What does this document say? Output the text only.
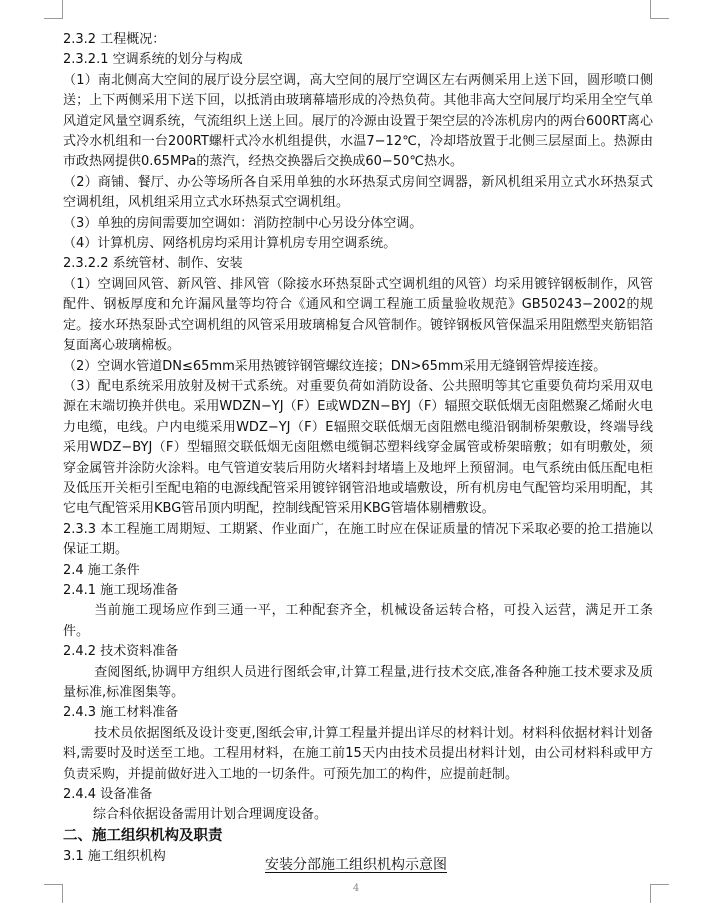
2.3.2 工程概况：

2.3.2.1 空调系统的划分与构成

（1）南北侧高大空间的展厅设分层空调，高大空间的展厅空调区左右两侧采用上送下回，圆形喷口侧送；上下两侧采用下送下回，以抵消由玻璃幕墙形成的冷热负荷。其他非高大空间展厅均采用全空气单风道定风量空调系统，气流组织上送上回。展厅的冷源由设置于架空层的冷冻机房内的两台600RT离心式冷水机组和一台200RT螺杆式冷水机组提供，水温7−12℃，冷却塔放置于北侧三层屋面上。热源由市政热网提供0.65MPa的蒸汽，经热交换器后交换成60−50℃热水。

（2）商铺、餐厅、办公等场所各自采用单独的水环热泵式房间空调器，新风机组采用立式水环热泵式空调机组，风机组采用立式水环热泵式空调机组。

（3）单独的房间需要加空调如：消防控制中心另设分体空调。

（4）计算机房、网络机房均采用计算机房专用空调系统。

2.3.2.2 系统管材、制作、安装

（1）空调回风管、新风管、排风管（除接水环热泵卧式空调机组的风管）均采用镀锌钢板制作，风管配件、钢板厚度和允许漏风量等均符合《通风和空调工程施工质量验收规范》GB50243−2002的规定。接水环热泵卧式空调机组的风管采用玻璃棉复合风管制作。镀锌钢板风管保温采用阻燃型夹筋铝箔复面离心玻璃棉板。

（2）空调水管道DN≤65mm采用热镀锌钢管螺纹连接；DN>65mm采用无缝钢管焊接连接。

（3）配电系统采用放射及树干式系统。对重要负荷如消防设备、公共照明等其它重要负荷均采用双电源在末端切换并供电。采用WDZN−YJ（F）E或WDZN−BYJ（F）辐照交联低烟无卤阻燃聚乙烯耐火电力电缆，电线。户内电缆采用WDZ−YJ（F）E辐照交联低烟无卤阻燃电缆沿钢制桥架敷设，终端导线采用WDZ−BYJ（F）型辐照交联低烟无卤阻燃电缆铜芯塑料线穿金属管或桥架暗敷；如有明敷处，须穿金属管并涂防火涂料。电气管道安装后用防火堵料封堵墙上及地坪上预留洞。电气系统由低压配电柜及低压开关柜引至配电箱的电源线配管采用镀锌钢管沿地或墙敷设，所有机房电气配管均采用明配，其它电气配管采用KBG管吊顶内明配，控制线配管采用KBG管墙体剔槽敷设。

2.3.3 本工程施工周期短、工期紧、作业面广，在施工时应在保证质量的情况下采取必要的抢工措施以保证工期。

2.4 施工条件

2.4.1 施工现场准备

当前施工现场应作到三通一平，工种配套齐全，机械设备运转合格，可投入运营，满足开工条件。

2.4.2 技术资料准备

查阅图纸,协调甲方组织人员进行图纸会审,计算工程量,进行技术交底,准备各种施工技术要求及质量标准,标准图集等。

2.4.3 施工材料准备

技术员依据图纸及设计变更,图纸会审,计算工程量并提出详尽的材料计划。材料科依据材料计划备料,需要时及时送至工地。工程用材料，在施工前15天内由技术员提出材料计划，由公司材料科或甲方负责采购，并提前做好进入工地的一切条件。可预先加工的构件，应提前赶制。

2.4.4 设备准备

综合科依据设备需用计划合理调度设备。

二、施工组织机构及职责

3.1 施工组织机构

安装分部施工组织机构示意图
4
